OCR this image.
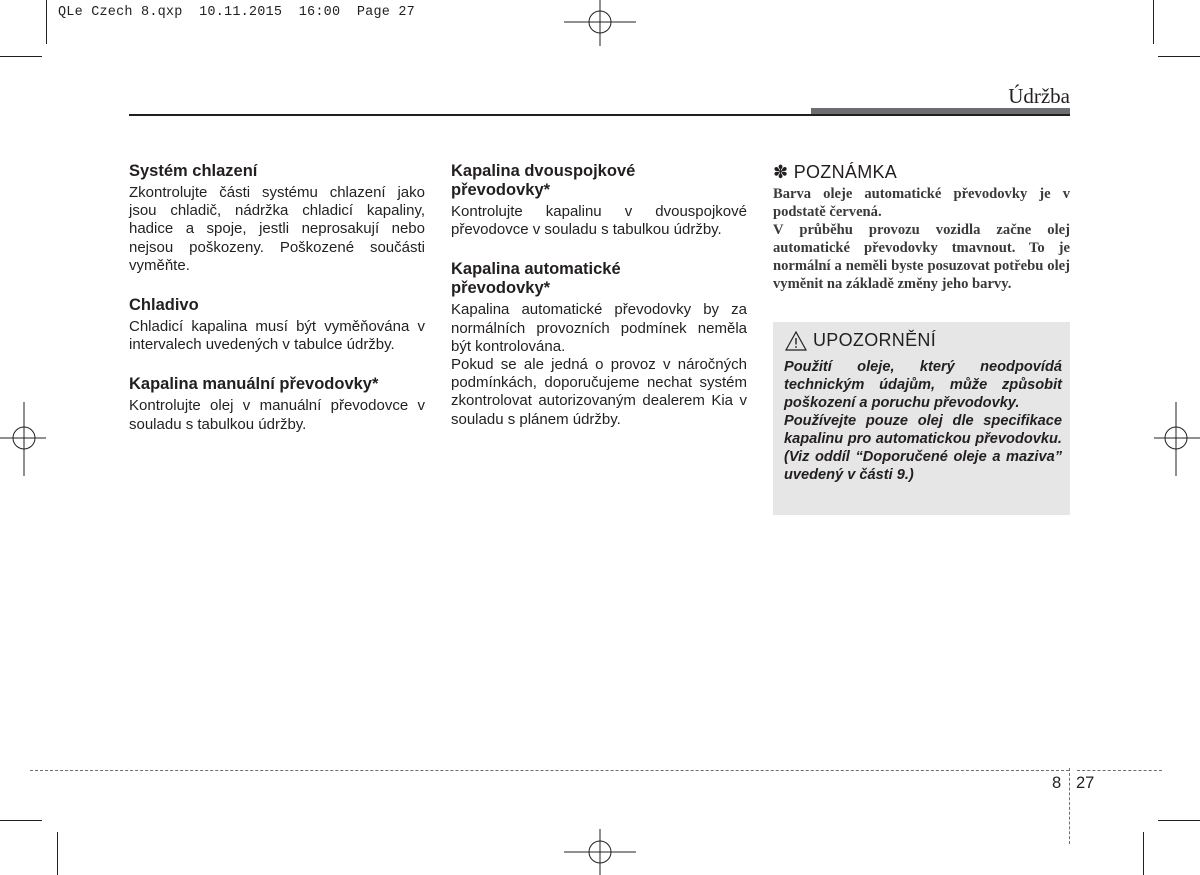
QLe Czech 8.qxp  10.11.2015  16:00  Page 27
Údržba
Systém chlazení

Zkontrolujte části systému chlazení jako jsou chladič, nádržka chladicí kapaliny, hadice a spoje, jestli neprosakují nebo nejsou poškozeny. Poškozené součásti vyměňte.

Chladivo

Chladicí kapalina musí být vyměňována v intervalech uvedených v tabulce údržby.

Kapalina manuální převodovky*

Kontrolujte olej v manuální převodovce v souladu s tabulkou údržby.

Kapalina dvouspojkové
převodovky*

Kontrolujte kapalinu v dvouspojkové převodovce v souladu s tabulkou údržby.

Kapalina automatické
převodovky*

Kapalina automatické převodovky by za normálních provozních podmínek neměla být kontrolována.

Pokud se ale jedná o provoz v náročných podmínkách, doporučujeme nechat systém zkontrolovat autorizovaným dealerem Kia v souladu s plánem údržby.

✽ POZNÁMKA

Barva oleje automatické převodovky je v podstatě červená.

V průběhu provozu vozidla začne olej automatické převodovky tmavnout. To je normální a neměli byste posuzovat potřebu olej vyměnit na základě změny jeho barvy.

UPOZORNĚNÍ

Použití oleje, který neodpovídá technickým údajům, může způsobit poškození a poruchu převodovky.

Používejte pouze olej dle specifikace kapalinu pro automatickou převodovku. (Viz oddíl “Doporučené oleje a maziva” uvedený v části 9.)

8 27
